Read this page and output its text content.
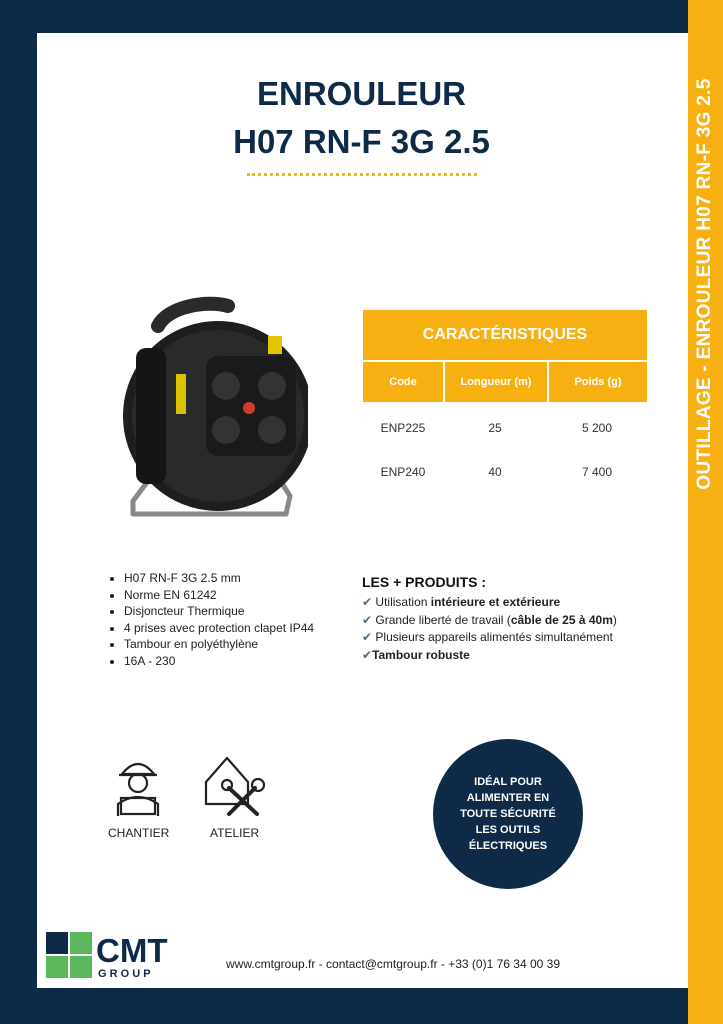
OUTILLAGE - ENROULEUR H07 RN-F 3G 2.5
ENROULEUR
H07 RN-F 3G 2.5
CARACTÉRISTIQUES
Code	Longueur (m)	Poids (g)
ENP225	25	5 200
ENP240	40	7 400
• H07 RN-F 3G 2.5 mm
• Norme EN 61242
• Disjoncteur Thermique
• 4 prises avec protection clapet IP44
• Tambour en polyéthylène
• 16A - 230
LES + PRODUITS :

✔ Utilisation intérieure et extérieure

✔ Grande liberté de travail (câble de 25 à 40m)

✔ Plusieurs appareils alimentés simultanément

✔Tambour robuste

CHANTIER	ATELIER
IDÉAL POUR
ALIMENTER EN
TOUTE SÉCURITÉ
LES OUTILS
ÉLECTRIQUES
CMT
G R O U P
www.cmtgroup.fr - contact@cmtgroup.fr - +33 (0)1 76 34 00 39
